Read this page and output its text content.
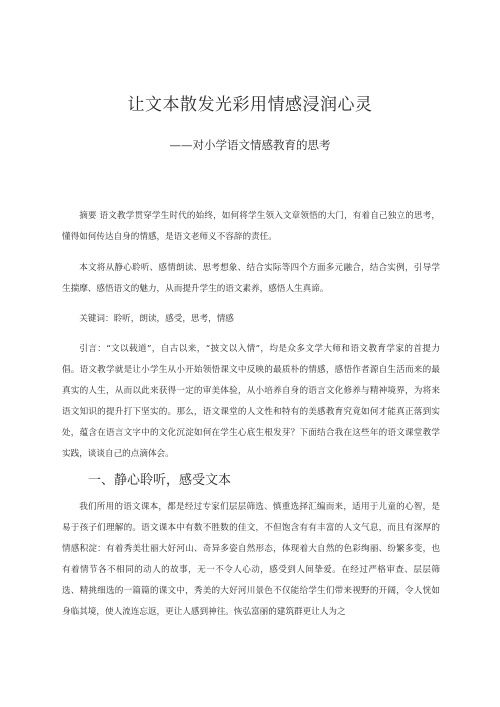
让文本散发光彩用情感浸润心灵
——对小学语文情感教育的思考

摘要 语文教学贯穿学生时代的始终，如何将学生领入文章领悟的大门，有着自己独立的思考，懂得如何传达自身的情感，是语文老师义不容辞的责任。

本文将从静心聆听、感情朗读、思考想象、结合实际等四个方面多元融合，结合实例，引导学生揣摩、感悟语文的魅力，从而提升学生的语文素养，感悟人生真谛。

关键词：聆听，朗读，感受，思考，情感

引言：“文以载道”，自古以来，“披文以入情”，均是众多文学大师和语文教育学家的首提力倡。语文教学就是让小学生从小开始领悟课文中反映的最质朴的情感，感悟作者源自生活而来的最真实的人生，从而以此来获得一定的审美体验，从小培养自身的语言文化修养与精神境界，为将来语文知识的提升打下坚实的。那么，语文课堂的人文性和特有的美感教育究竟如何才能真正落到实处，蕴含在语言文字中的文化沉淀如何在学生心底生根发芽？下面结合我在这些年的语文课堂教学实践，谈谈自己的点滴体会。

一、静心聆听，感受文本

我们所用的语文课本，都是经过专家们层层筛选、慎重选择汇编而来，适用于儿童的心智，是易于孩子们理解的。语文课本中有数不胜数的佳文，不但饱含有有丰富的人文气息，而且有深厚的情感积淀：有着秀美壮丽大好河山、奇异多姿自然形态，体现着大自然的色彩绚丽、纷繁多变，也有着情节各不相同的动人的故事，无一不令人心动，感受到人间挚爱。在经过严格审查、层层筛选、精挑细选的一篇篇的课文中，秀美的大好河川景色不仅能给学生们带来视野的开阔，令人恍如身临其境，使人流连忘返，更让人感到神往。恢弘富丽的建筑群更让人为之
